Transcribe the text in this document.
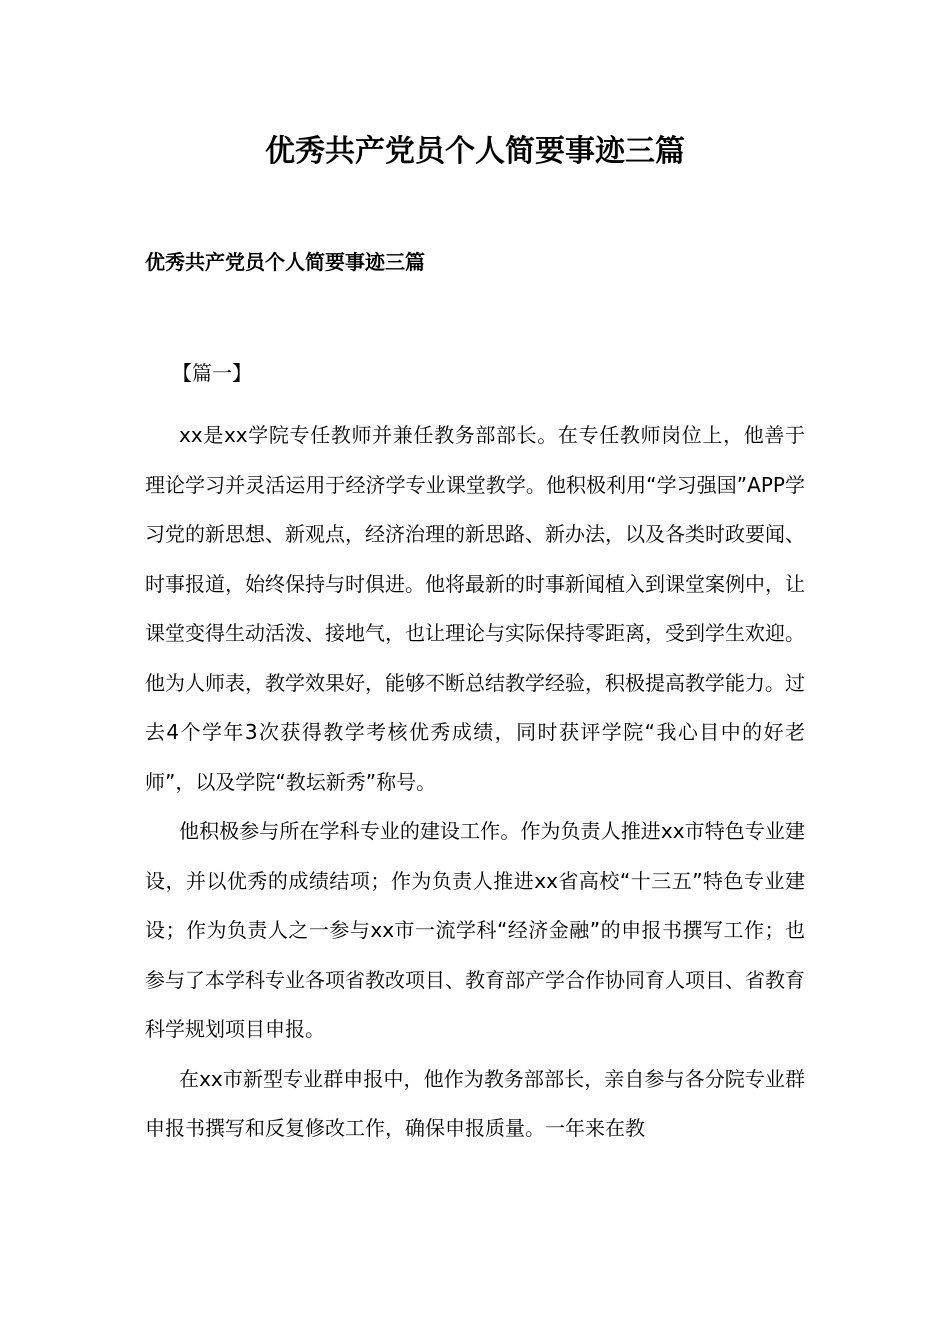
优秀共产党员个人简要事迹三篇
优秀共产党员个人简要事迹三篇
【篇一】

xx是xx学院专任教师并兼任教务部部长。在专任教师岗位上，他善于理论学习并灵活运用于经济学专业课堂教学。他积极利用“学习强国”APP学习党的新思想、新观点，经济治理的新思路、新办法，以及各类时政要闻、时事报道，始终保持与时俱进。他将最新的时事新闻植入到课堂案例中，让课堂变得生动活泼、接地气，也让理论与实际保持零距离，受到学生欢迎。他为人师表，教学效果好，能够不断总结教学经验，积极提高教学能力。过去4个学年3次获得教学考核优秀成绩，同时获评学院“我心目中的好老师”，以及学院“教坛新秀”称号。

他积极参与所在学科专业的建设工作。作为负责人推进xx市特色专业建设，并以优秀的成绩结项；作为负责人推进xx省高校“十三五”特色专业建设；作为负责人之一参与xx市一流学科“经济金融”的申报书撰写工作；也参与了本学科专业各项省教改项目、教育部产学合作协同育人项目、省教育科学规划项目申报。

在xx市新型专业群申报中，他作为教务部部长，亲自参与各分院专业群申报书撰写和反复修改工作，确保申报质量。一年来在教
